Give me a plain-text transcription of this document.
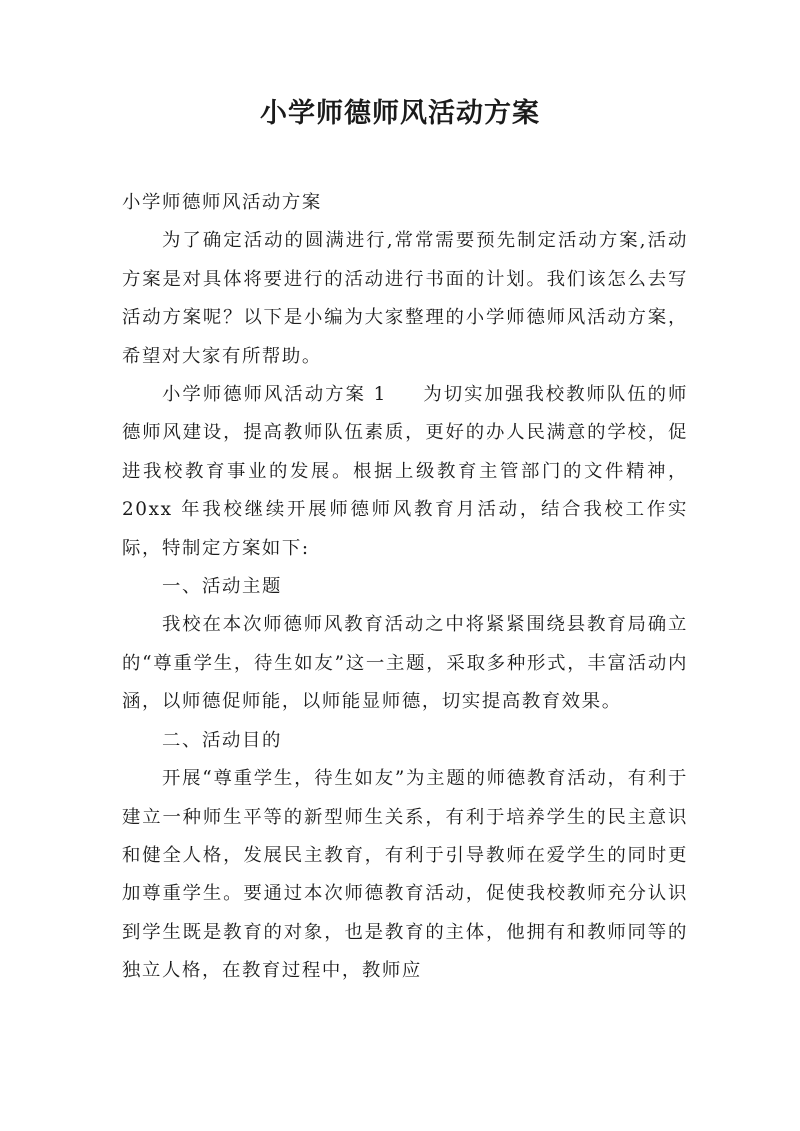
小学师德师风活动方案

小学师德师风活动方案

为了确定活动的圆满进行,常常需要预先制定活动方案,活动方案是对具体将要进行的活动进行书面的计划。我们该怎么去写活动方案呢？以下是小编为大家整理的小学师德师风活动方案，希望对大家有所帮助。

小学师德师风活动方案 1 为切实加强我校教师队伍的师德师风建设，提高教师队伍素质，更好的办人民满意的学校，促进我校教育事业的发展。根据上级教育主管部门的文件精神，20xx 年我校继续开展师德师风教育月活动，结合我校工作实际，特制定方案如下:

一、活动主题

我校在本次师德师风教育活动之中将紧紧围绕县教育局确立的“尊重学生，待生如友”这一主题，采取多种形式，丰富活动内涵，以师德促师能，以师能显师德，切实提高教育效果。

二、活动目的

开展“尊重学生，待生如友”为主题的师德教育活动，有利于建立一种师生平等的新型师生关系，有利于培养学生的民主意识和健全人格，发展民主教育，有利于引导教师在爱学生的同时更加尊重学生。要通过本次师德教育活动，促使我校教师充分认识到学生既是教育的对象，也是教育的主体，他拥有和教师同等的独立人格，在教育过程中，教师应
